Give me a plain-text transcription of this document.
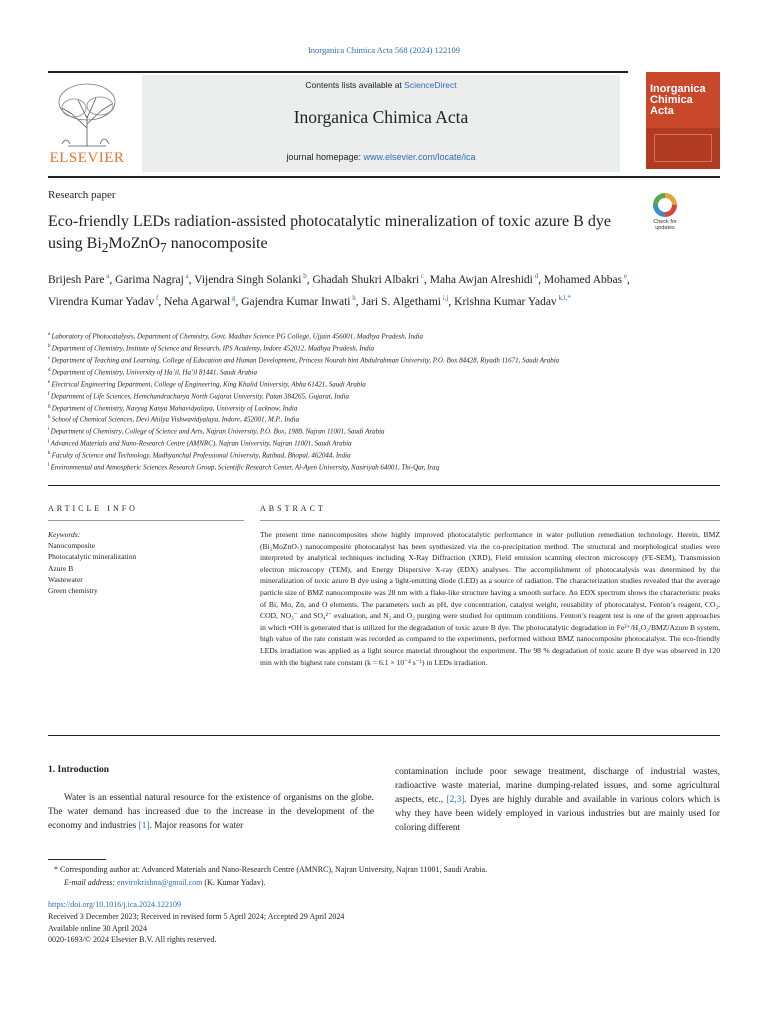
Inorganica Chimica Acta 568 (2024) 122109
ELSEVIER
Contents lists available at ScienceDirect
Inorganica Chimica Acta
journal homepage: www.elsevier.com/locate/ica
Inorganica Chimica Acta
Research paper
Eco-friendly LEDs radiation-assisted photocatalytic mineralization of toxic azure B dye using $Bi_2MoZnO_7$ nanocomposite
Check for updates
Brijesh Pare $^a$, Garima Nagraj $^a$, Vijendra Singh Solanki $^b$, Ghadah Shukri Albakri $^c$, Maha Awjan Alreshidi $^d$, Mohamed Abbas $^e$, Virendra Kumar Yadav $^f$, Neha Agarwal $^g$, Gajendra Kumar Inwati $^h$, Jari S. Algethami $^{i,j}$, Krishna Kumar Yadav $^{k,l,*}$
$^a$ Laboratory of Photocatalysis, Department of Chemistry, Govt. Madhav Science PG College, Ujjain 456001, Madhya Pradesh, India
$^b$ Department of Chemistry, Institute of Science and Research, IPS Academy, Indore 452012, Madhya Pradesh, India
$^c$ Department of Teaching and Learning, College of Education and Human Development, Princess Nourah bint Abdulrahman University, P.O. Box 84428, Riyadh 11671, Saudi Arabia
$^d$ Department of Chemistry, University of Ha’il, Ha’il 81441, Saudi Arabia
$^e$ Electrical Engineering Department, College of Engineering, King Khalid University, Abha 61421, Saudi Arabia
$^f$ Department of Life Sciences, Hemchandracharya North Gujarat University, Patan 384265, Gujarat, India
$^g$ Department of Chemistry, Navyug Kanya Mahavidyalaya, University of Lucknow, India
$^h$ School of Chemical Sciences, Devi Ahilya Vishwavidyalaya, Indore, 452001, M.P., India
$^i$ Department of Chemistry, College of Science and Arts, Najran University, P.O. Box, 1988, Najran 11001, Saudi Arabia
$^j$ Advanced Materials and Nano-Research Centre (AMNRC), Najran University, Najran 11001, Saudi Arabia
$^k$ Faculty of Science and Technology, Madhyanchal Professional University, Ratibad, Bhopal, 462044, India
$^l$ Environmental and Atmospheric Sciences Research Group, Scientific Research Center, Al-Ayen University, Nasiriyah 64001, Thi-Qar, Iraq
ARTICLE INFO	ABSTRACT
Keywords:
Nanocomposite
Photocatalytic mineralization
Azure B
Wastewater
Green chemistry
The present time nanocomposites show highly improved photocatalytic performance in water pollution remediation technology. Herein, BMZ (Bi₂MoZnO₇) nanocomposite photocatalyst has been synthesized via the co-precipitation method. The structural and morphological studies were interpreted by analytical techniques including X-Ray Diffraction (XRD), Field emission scanning electron microscopy (FE-SEM), Transmission electron microscopy (TEM), and Energy Dispersive X-ray (EDX) analyses. The accomplishment of photocatalysis was determined by the mineralization of toxic azure B dye using a light-emitting diode (LED) as a source of radiation. The characterization studies revealed that the average particle size of BMZ nanocomposite was 28 nm with a flake-like structure having a smooth surface. An EDX spectrum shows the characteristic peaks of Bi, Mo, Zn, and O elements. The parameters such as pH, dye concentration, catalyst weight, reusability of photocatalyst, Fenton’s reagent, CO₂, COD, NO₃⁻ and SO₄²⁻ evaluation, and N₂ and O₂ purging were studied for optimum conditions. Fenton’s reagent test is one of the green approaches in which •OH is generated that is utilized for the degradation of toxic azure B dye. The photocatalytic degradation in Fe²⁺/H₂O₂/BMZ/Azure B system, high value of the rate constant was recorded as compared to the experiments, performed without BMZ nanocomposite photocatalyst. The eco-friendly LEDs irradiation was applied as a light source material throughout the experiment. The 98 % degradation of toxic azure B dye was observed in 120 min with the highest rate constant (k = 6.1 × 10⁻⁴ s⁻¹) in LEDs irradiation.
1. Introduction
Water is an essential natural resource for the existence of organisms on the globe. The water demand has increased due to the increase in the development of the economy and industries [1]. Major reasons for water
contamination include poor sewage treatment, discharge of industrial wastes, radioactive waste material, marine dumping-related issues, and some agricultural aspects, etc., [2,3]. Dyes are highly durable and available in various colors which is why they have been widely employed in various industries but are mainly used for coloring different
* Corresponding author at: Advanced Materials and Nano-Research Centre (AMNRC), Najran University, Najran 11001, Saudi Arabia.
E-mail address: envirokrishna@gmail.com (K. Kumar Yadav).
https://doi.org/10.1016/j.ica.2024.122109
Received 3 December 2023; Received in revised form 5 April 2024; Accepted 29 April 2024
Available online 30 April 2024
0020-1693/© 2024 Elsevier B.V. All rights reserved.
